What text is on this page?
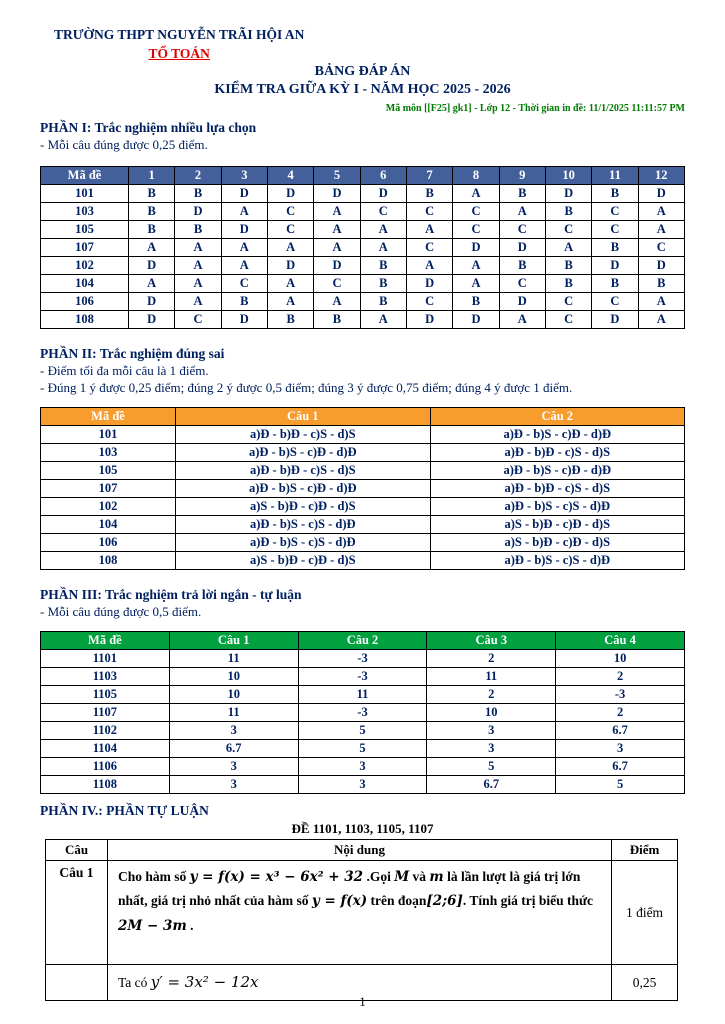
TRƯỜNG THPT NGUYỄN TRÃI HỘI AN
TỔ TOÁN
BẢNG ĐÁP ÁN
KIỂM TRA GIỮA KỲ I - NĂM HỌC 2025 - 2026
Mã môn [[F25] gk1] - Lớp 12 - Thời gian in đề: 11/1/2025 11:11:57 PM
PHẦN I: Trắc nghiệm nhiều lựa chọn
- Mỗi câu đúng được 0,25 điểm.
Mã đề	1	2	3	4	5	6	7	8	9	10	11	12
101	B	B	D	D	D	D	B	A	B	D	B	D
103	B	D	A	C	A	C	C	C	A	B	C	A
105	B	B	D	C	A	A	A	C	C	C	C	A
107	A	A	A	A	A	A	C	D	D	A	B	C
102	D	A	A	D	D	B	A	A	B	B	D	D
104	A	A	C	A	C	B	D	A	C	B	B	B
106	D	A	B	A	A	B	C	B	D	C	C	A
108	D	C	D	B	B	A	D	D	A	C	D	A
PHẦN II: Trắc nghiệm đúng sai
- Điểm tối đa mỗi câu là 1 điểm.
- Đúng 1 ý được 0,25 điểm; đúng 2 ý được 0,5 điểm; đúng 3 ý được 0,75 điểm; đúng 4 ý được 1 điểm.
Mã đề	Câu 1	Câu 2
101	a)Đ - b)Đ - c)S - d)S	a)Đ - b)S - c)Đ - d)Đ
103	a)Đ - b)S - c)Đ - d)Đ	a)Đ - b)Đ - c)S - d)S
105	a)Đ - b)Đ - c)S - d)S	a)Đ - b)S - c)Đ - d)Đ
107	a)Đ - b)S - c)Đ - d)Đ	a)Đ - b)Đ - c)S - d)S
102	a)S - b)Đ - c)Đ - d)S	a)Đ - b)S - c)S - d)Đ
104	a)Đ - b)S - c)S - d)Đ	a)S - b)Đ - c)Đ - d)S
106	a)Đ - b)S - c)S - d)Đ	a)S - b)Đ - c)Đ - d)S
108	a)S - b)Đ - c)Đ - d)S	a)Đ - b)S - c)S - d)Đ
PHẦN III: Trắc nghiệm trả lời ngắn - tự luận
- Mỗi câu đúng được 0,5 điểm.
Mã đề	Câu 1	Câu 2	Câu 3	Câu 4
1101	11	-3	2	10
1103	10	-3	11	2
1105	10	11	2	-3
1107	11	-3	10	2
1102	3	5	3	6.7
1104	6.7	5	3	3
1106	3	3	5	6.7
1108	3	3	6.7	5
PHẦN IV.: PHẦN TỰ LUẬN
ĐỀ 1101, 1103, 1105, 1107
Câu	Nội dung	Điểm
Câu 1	Cho hàm số y = f(x) = x³ − 6x² + 32 .Gọi M và m là lần lượt là giá trị lớn nhất, giá trị nhỏ nhất của hàm số y = f(x) trên đoạn[2;6]. Tính giá trị biểu thức 2M − 3m .	1 điểm
	Ta có y′ = 3x² − 12x	0,25
1
